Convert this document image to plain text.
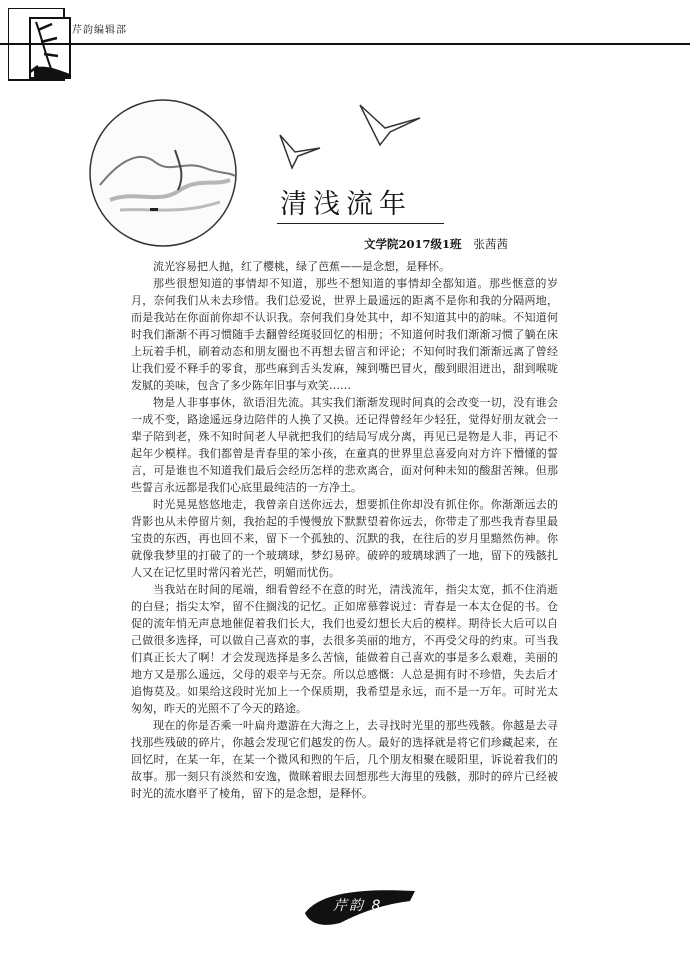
芹韵编辑部
清浅流年
文学院2017级1班 张茜茜

流光容易把人抛，红了樱桃，绿了芭蕉——是念想，是释怀。

那些很想知道的事情却不知道，那些不想知道的事情却全都知道。那些惬意的岁月，奈何我们从未去珍惜。我们总爱说，世界上最遥远的距离不是你和我的分隔两地，而是我站在你面前你却不认识我。奈何我们身处其中，却不知道其中的韵味。不知道何时我们渐渐不再习惯随手去翻曾经斑驳回忆的相册；不知道何时我们渐渐习惯了躺在床上玩着手机，刷着动态和朋友圈也不再想去留言和评论；不知何时我们渐渐远离了曾经让我们爱不释手的零食，那些麻到舌头发麻，辣到嘴巴冒火，酸到眼泪迸出，甜到喉咙发腻的美味，包含了多少陈年旧事与欢笑……

物是人非事事休，欲语泪先流。其实我们渐渐发现时间真的会改变一切，没有谁会一成不变，路途遥远身边陪伴的人换了又换。还记得曾经年少轻狂，觉得好朋友就会一辈子陪到老，殊不知时间老人早就把我们的结局写成分离，再见已是物是人非，再记不起年少模样。我们都曾是青春里的笨小孩，在童真的世界里总喜爱向对方许下懵懂的誓言，可是谁也不知道我们最后会经历怎样的悲欢离合，面对何种未知的酸甜苦辣。但那些誓言永远都是我们心底里最纯洁的一方净土。

时光晃晃悠悠地走，我曾亲自送你远去，想要抓住你却没有抓住你。你渐渐远去的背影也从未停留片刻，我抬起的手慢慢放下默默望着你远去，你带走了那些我青春里最宝贵的东西，再也回不来，留下一个孤独的、沉默的我，在往后的岁月里黯然伤神。你就像我梦里的打破了的一个玻璃球，梦幻易碎。破碎的玻璃球洒了一地，留下的残骸扎人又在记忆里时常闪着光芒，明媚而忧伤。

当我站在时间的尾端，细看曾经不在意的时光，清浅流年，指尖太宽，抓不住消逝的白昼；指尖太窄，留不住搁浅的记忆。正如席慕蓉说过：青春是一本太仓促的书。仓促的流年悄无声息地催促着我们长大，我们也爱幻想长大后的模样。期待长大后可以自己做很多选择，可以做自己喜欢的事，去很多美丽的地方，不再受父母的约束。可当我们真正长大了啊！才会发现选择是多么苦恼，能做着自己喜欢的事是多么艰难，美丽的地方又是那么遥远，父母的艰辛与无奈。所以总感慨：人总是拥有时不珍惜，失去后才追悔莫及。如果给这段时光加上一个保质期，我希望是永远，而不是一万年。可时光太匆匆，昨天的光照不了今天的路途。

现在的你是否乘一叶扁舟遨游在大海之上，去寻找时光里的那些残骸。你越是去寻找那些残破的碎片，你越会发现它们越发的伤人。最好的选择就是将它们珍藏起来，在回忆时，在某一年，在某一个微风和煦的午后，几个朋友相聚在暖阳里，诉说着我们的故事。那一刻只有淡然和安逸，微眯着眼去回想那些大海里的残骸，那时的碎片已经被时光的流水磨平了棱角，留下的是念想，是释怀。

芹韵 8
